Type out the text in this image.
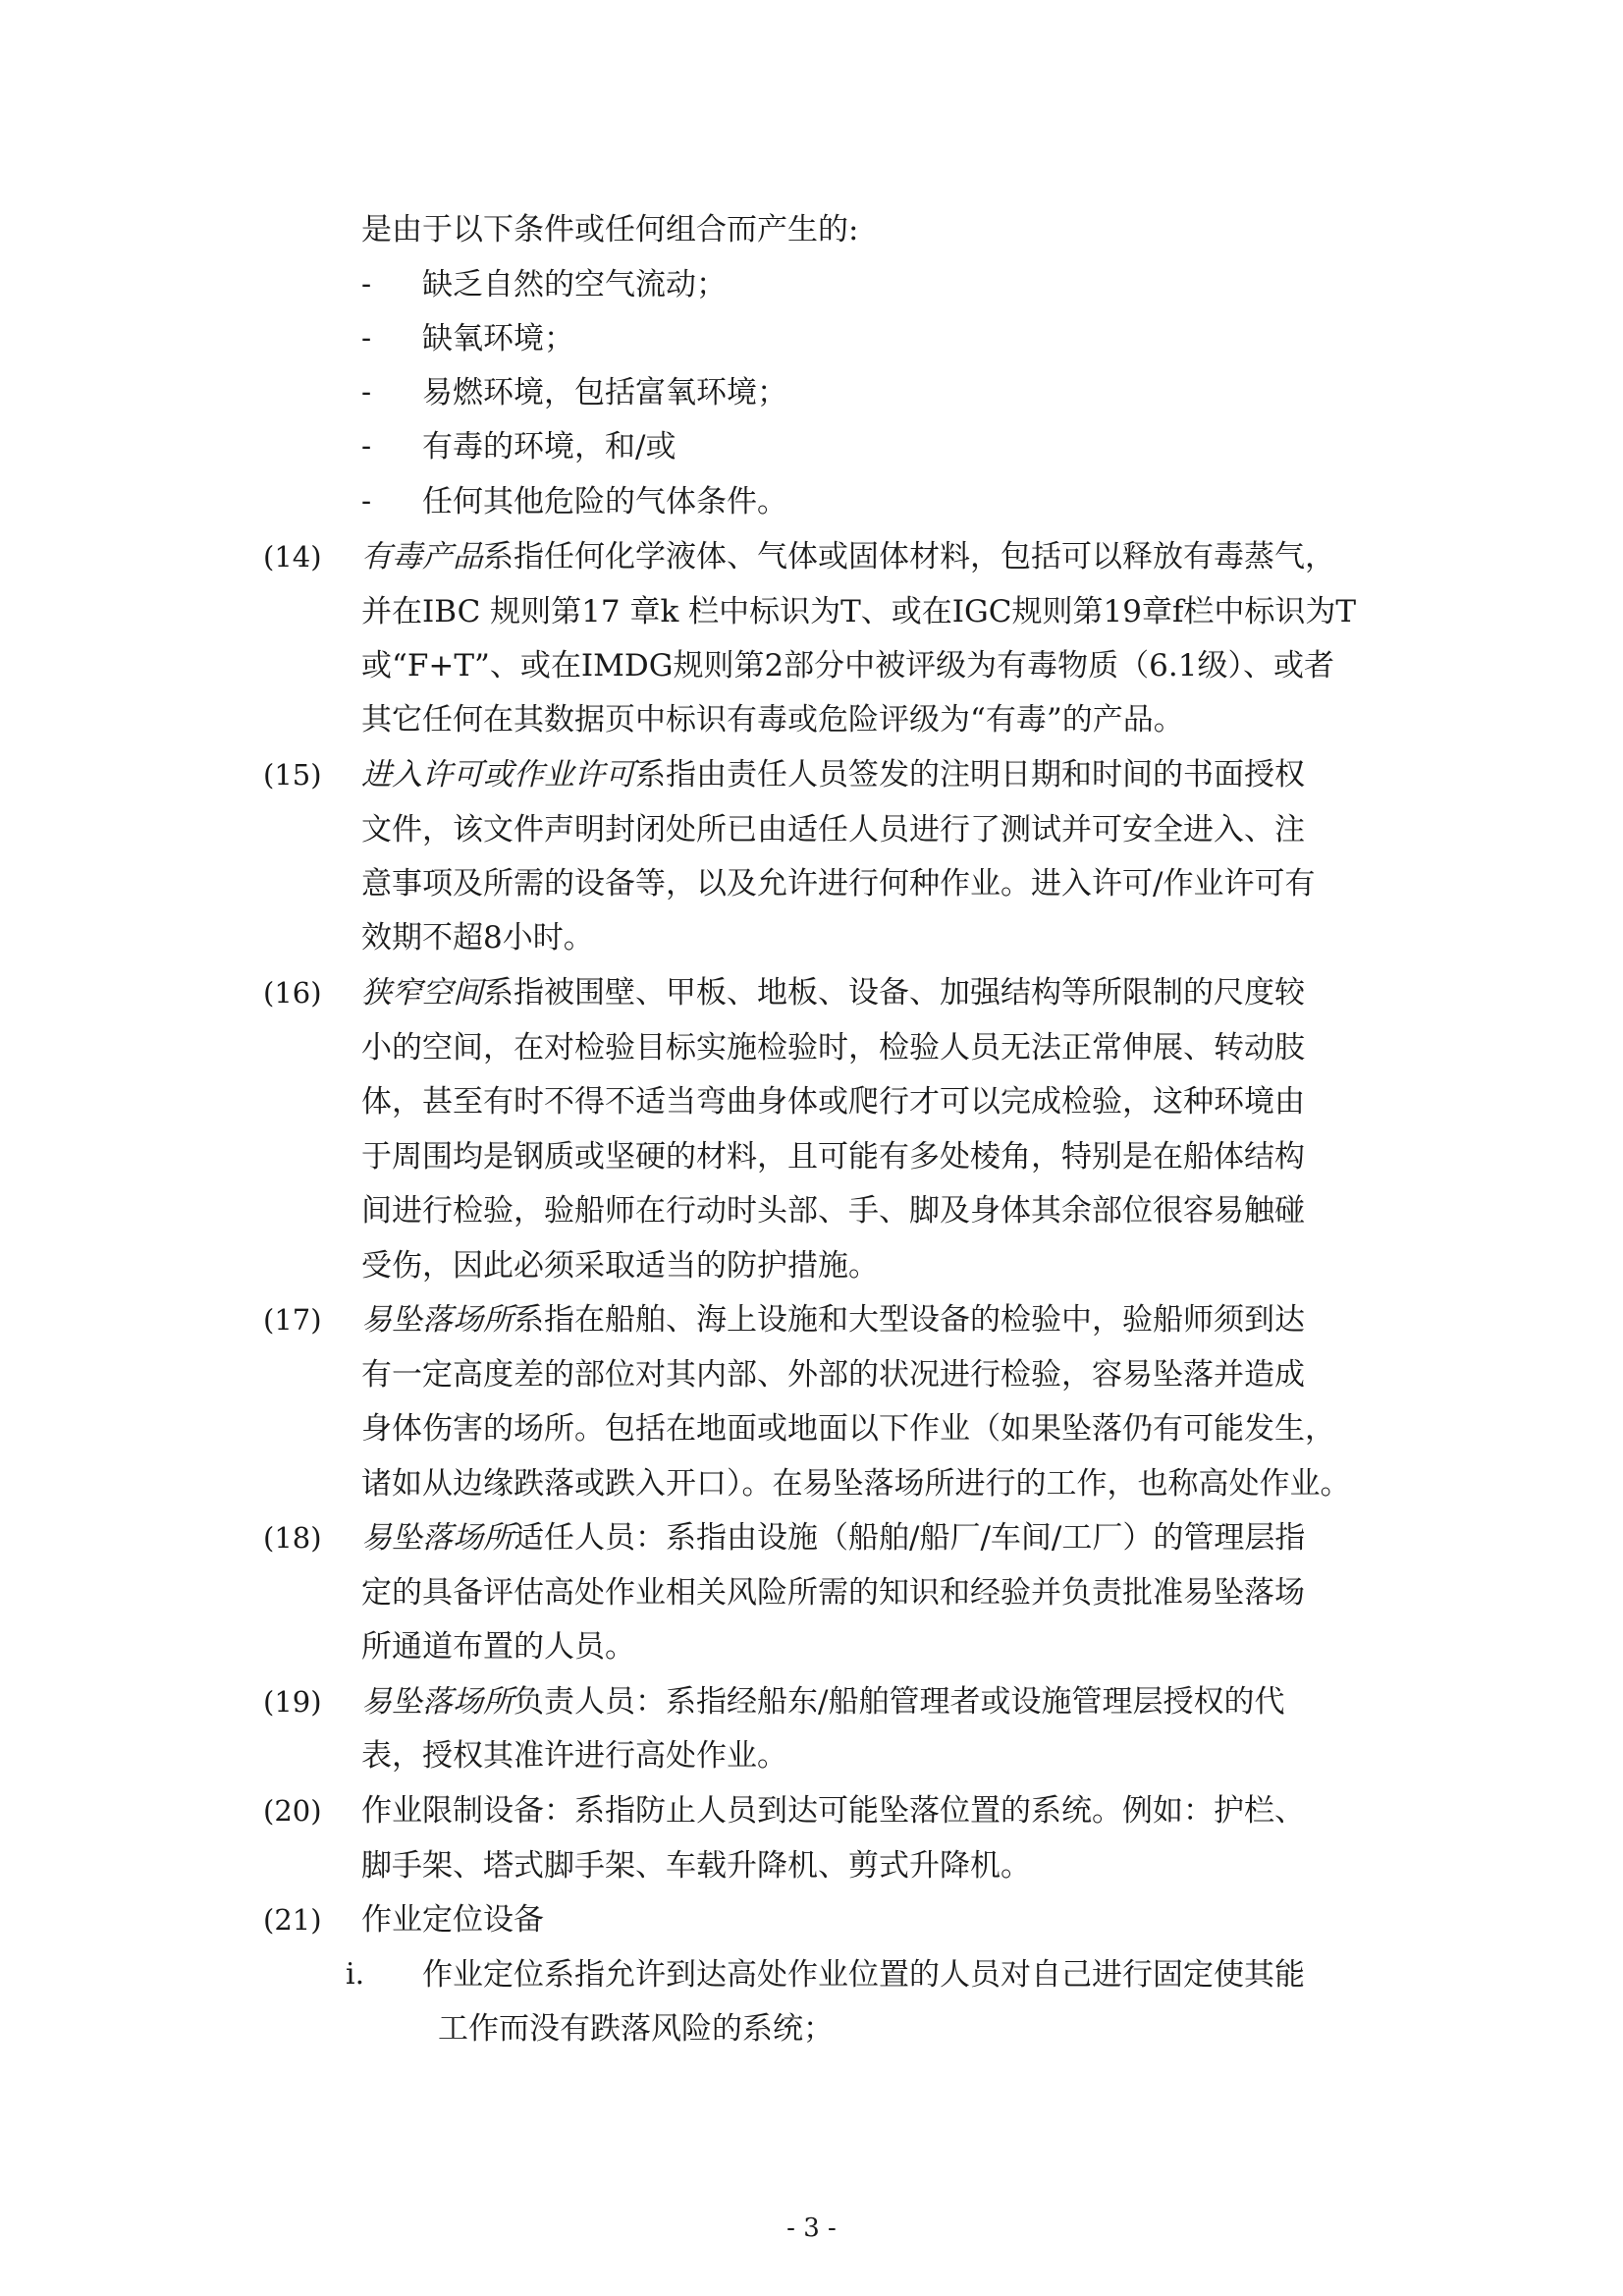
是由于以下条件或任何组合而产生的:
- 缺乏自然的空气流动；
- 缺氧环境；
- 易燃环境，包括富氧环境；
- 有毒的环境，和/或
- 任何其他危险的气体条件。
(14) 有毒产品系指任何化学液体、气体或固体材料，包括可以释放有毒蒸气，
并在IBC 规则第17 章k 栏中标识为T、或在IGC规则第19章f栏中标识为T
或“F+T”、或在IMDG规则第2部分中被评级为有毒物质（6.1级）、或者
其它任何在其数据页中标识有毒或危险评级为“有毒”的产品。
(15) 进入许可或作业许可系指由责任人员签发的注明日期和时间的书面授权
文件，该文件声明封闭处所已由适任人员进行了测试并可安全进入、注
意事项及所需的设备等，以及允许进行何种作业。进入许可/作业许可有
效期不超8小时。
(16) 狭窄空间系指被围壁、甲板、地板、设备、加强结构等所限制的尺度较
小的空间，在对检验目标实施检验时，检验人员无法正常伸展、转动肢
体，甚至有时不得不适当弯曲身体或爬行才可以完成检验，这种环境由
于周围均是钢质或坚硬的材料，且可能有多处棱角，特别是在船体结构
间进行检验，验船师在行动时头部、手、脚及身体其余部位很容易触碰
受伤，因此必须采取适当的防护措施。
(17) 易坠落场所系指在船舶、海上设施和大型设备的检验中，验船师须到达
有一定高度差的部位对其内部、外部的状况进行检验，容易坠落并造成
身体伤害的场所。包括在地面或地面以下作业（如果坠落仍有可能发生，
诸如从边缘跌落或跌入开口）。在易坠落场所进行的工作，也称高处作业。
(18) 易坠落场所适任人员：系指由设施（船舶/船厂/车间/工厂）的管理层指
定的具备评估高处作业相关风险所需的知识和经验并负责批准易坠落场
所通道布置的人员。
(19) 易坠落场所负责人员：系指经船东/船舶管理者或设施管理层授权的代
表，授权其准许进行高处作业。
(20) 作业限制设备：系指防止人员到达可能坠落位置的系统。例如：护栏、
脚手架、塔式脚手架、车载升降机、剪式升降机。
(21) 作业定位设备
i. 作业定位系指允许到达高处作业位置的人员对自己进行固定使其能
工作而没有跌落风险的系统；
- 3 -
